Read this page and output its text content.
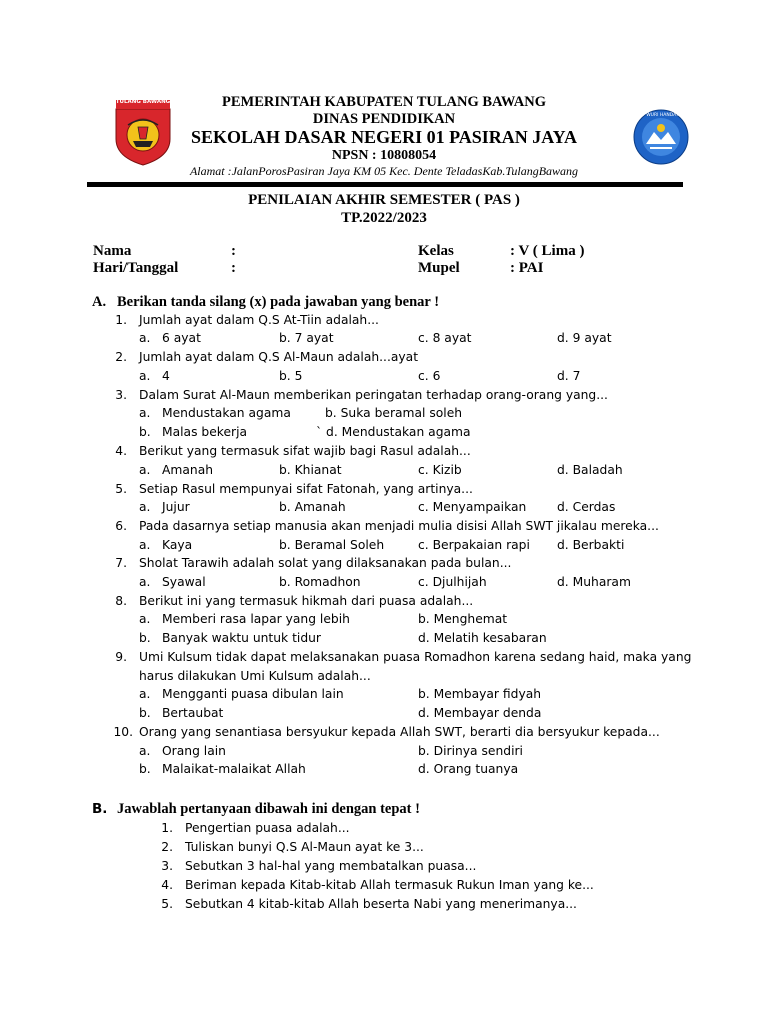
TULANG BAWANG
TUT WURI HANDAYANI
PEMERINTAH KABUPATEN TULANG BAWANG
DINAS PENDIDIKAN
SEKOLAH DASAR NEGERI 01 PASIRAN JAYA
NPSN : 10808054
Alamat :JalanPorosPasiran Jaya KM 05 Kec. Dente TeladasKab.TulangBawang
PENILAIAN AKHIR SEMESTER ( PAS )
TP.2022/2023
Nama	:
Hari/Tanggal	:
Kelas	: V ( Lima )
Mupel	: PAI
A. Berikan tanda silang (x) pada jawaban yang benar !
1. Jumlah ayat dalam Q.S At-Tiin adalah...
a. 6 ayat	b. 7 ayat	c. 8 ayat	d. 9 ayat
2. Jumlah ayat dalam Q.S Al-Maun adalah...ayat
a. 4	b. 5	c. 6	d. 7
3. Dalam Surat Al-Maun memberikan peringatan terhadap orang-orang yang...
a. Mendustakan agama	b. Suka beramal soleh
b. Malas bekerja	` d. Mendustakan agama
4. Berikut yang termasuk sifat wajib bagi Rasul adalah...
a. Amanah	b. Khianat	c. Kizib	d. Baladah
5. Setiap Rasul mempunyai sifat Fatonah, yang artinya...
a. Jujur	b. Amanah	c. Menyampaikan d. Cerdas
6. Pada dasarnya setiap manusia akan menjadi mulia disisi Allah SWT jikalau mereka...
a. Kaya	b. Beramal Soleh	c. Berpakaian rapi d. Berbakti
7. Sholat Tarawih adalah solat yang dilaksanakan pada bulan...
a. Syawal	b. Romadhon	c. Djulhijah	d. Muharam
8. Berikut ini yang termasuk hikmah dari puasa adalah...
a. Memberi rasa lapar yang lebih	b. Menghemat
b. Banyak waktu untuk tidur	d. Melatih kesabaran
9. Umi Kulsum tidak dapat melaksanakan puasa Romadhon karena sedang haid, maka yang
harus dilakukan Umi Kulsum adalah...
a. Mengganti puasa dibulan lain	b. Membayar fidyah
b. Bertaubat	d. Membayar denda
10. Orang yang senantiasa bersyukur kepada Allah SWT, berarti dia bersyukur kepada...
a. Orang lain	b. Dirinya sendiri
b. Malaikat-malaikat Allah	d. Orang tuanya
B. Jawablah pertanyaan dibawah ini dengan tepat !
1. Pengertian puasa adalah...
2. Tuliskan bunyi Q.S Al-Maun ayat ke 3...
3. Sebutkan 3 hal-hal yang membatalkan puasa...
4. Beriman kepada Kitab-kitab Allah termasuk Rukun Iman yang ke...
5. Sebutkan 4 kitab-kitab Allah beserta Nabi yang menerimanya...
